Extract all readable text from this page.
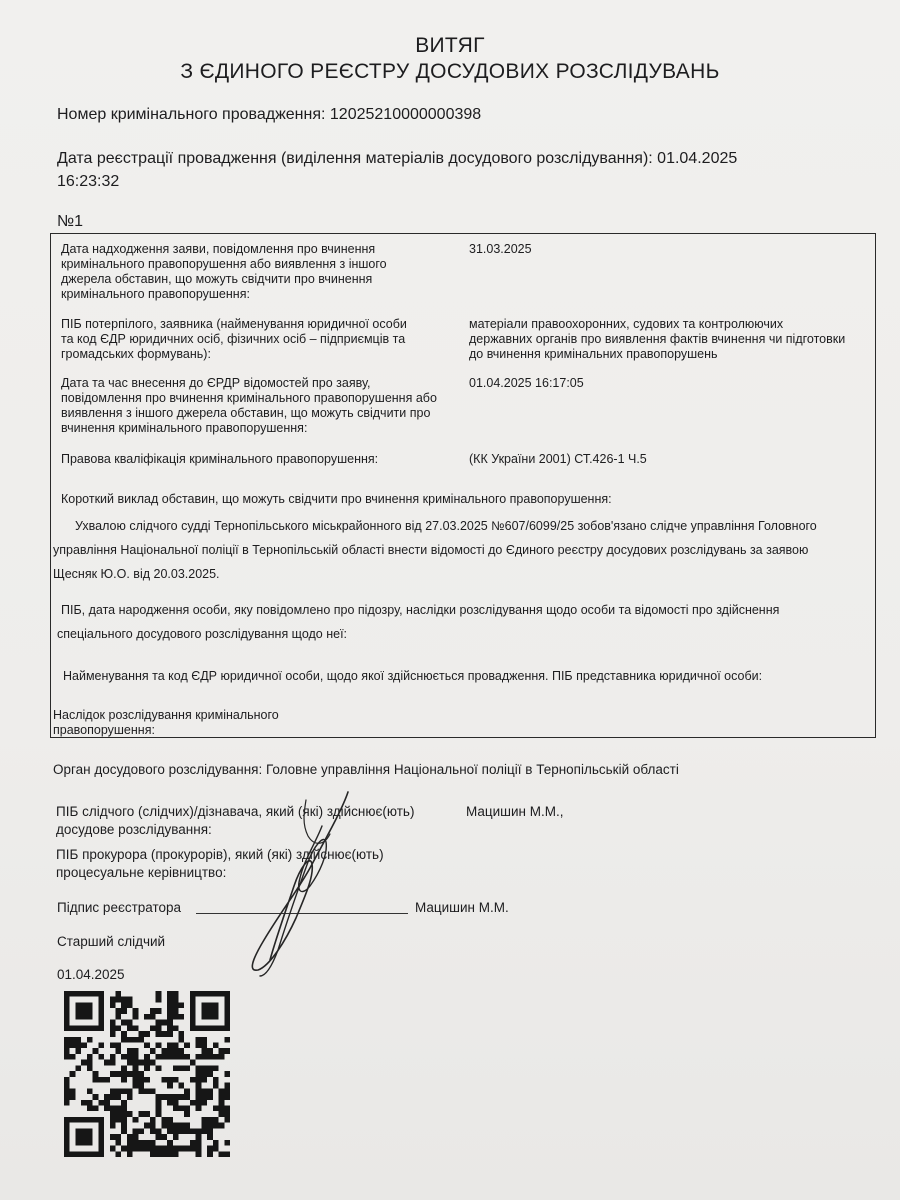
ВИТЯГ
З ЄДИНОГО РЕЄСТРУ ДОСУДОВИХ РОЗСЛІДУВАНЬ
Номер кримінального провадження: 12025210000000398
Дата реєстрації провадження (виділення матеріалів досудового розслідування): 01.04.2025
16:23:32
№1
Дата надходження заяви, повідомлення про вчинення
кримінального правопорушення або виявлення з іншого
джерела обставин, що можуть свідчити про вчинення
кримінального правопорушення:
31.03.2025
ПІБ потерпілого, заявника (найменування юридичної особи
та код ЄДР юридичних осіб, фізичних осіб – підприємців та
громадських формувань):
матеріали правоохоронних, судових та контролюючих
державних органів про виявлення фактів вчинення чи підготовки
до вчинення кримінальних правопорушень
Дата та час внесення до ЄРДР відомостей про заяву,
повідомлення про вчинення кримінального правопорушення або
виявлення з іншого джерела обставин, що можуть свідчити про
вчинення кримінального правопорушення:
01.04.2025 16:17:05
Правова кваліфікація кримінального правопорушення:	(КК України 2001) СТ.426-1 Ч.5
Короткий виклад обставин, що можуть свідчити про вчинення кримінального правопорушення:
Ухвалою слідчого судді Тернопільського міськрайонного від 27.03.2025 №607/6099/25 зобов'язано слідче управління Головного
управління Національної поліції в Тернопільській області внести відомості до Єдиного реєстру досудових розслідувань за заявою
Щесняк Ю.О. від 20.03.2025.
ПІБ, дата народження особи, яку повідомлено про підозру, наслідки розслідування щодо особи та відомості про здійснення
спеціального досудового розслідування щодо неї:
Найменування та код ЄДР юридичної особи, щодо якої здійснюється провадження. ПІБ представника юридичної особи:
Наслідок розслідування кримінального
правопорушення:
Орган досудового розслідування: Головне управління Національної поліції в Тернопільській області
ПІБ слідчого (слідчих)/дізнавача, який (які) здійснює(ють)
досудове розслідування:
Мацишин М.М.,
ПІБ прокурора (прокурорів), який (які) здійснює(ють)
процесуальне керівництво:
Підпис реєстратора	Мацишин М.М.
Старший слідчий
01.04.2025
